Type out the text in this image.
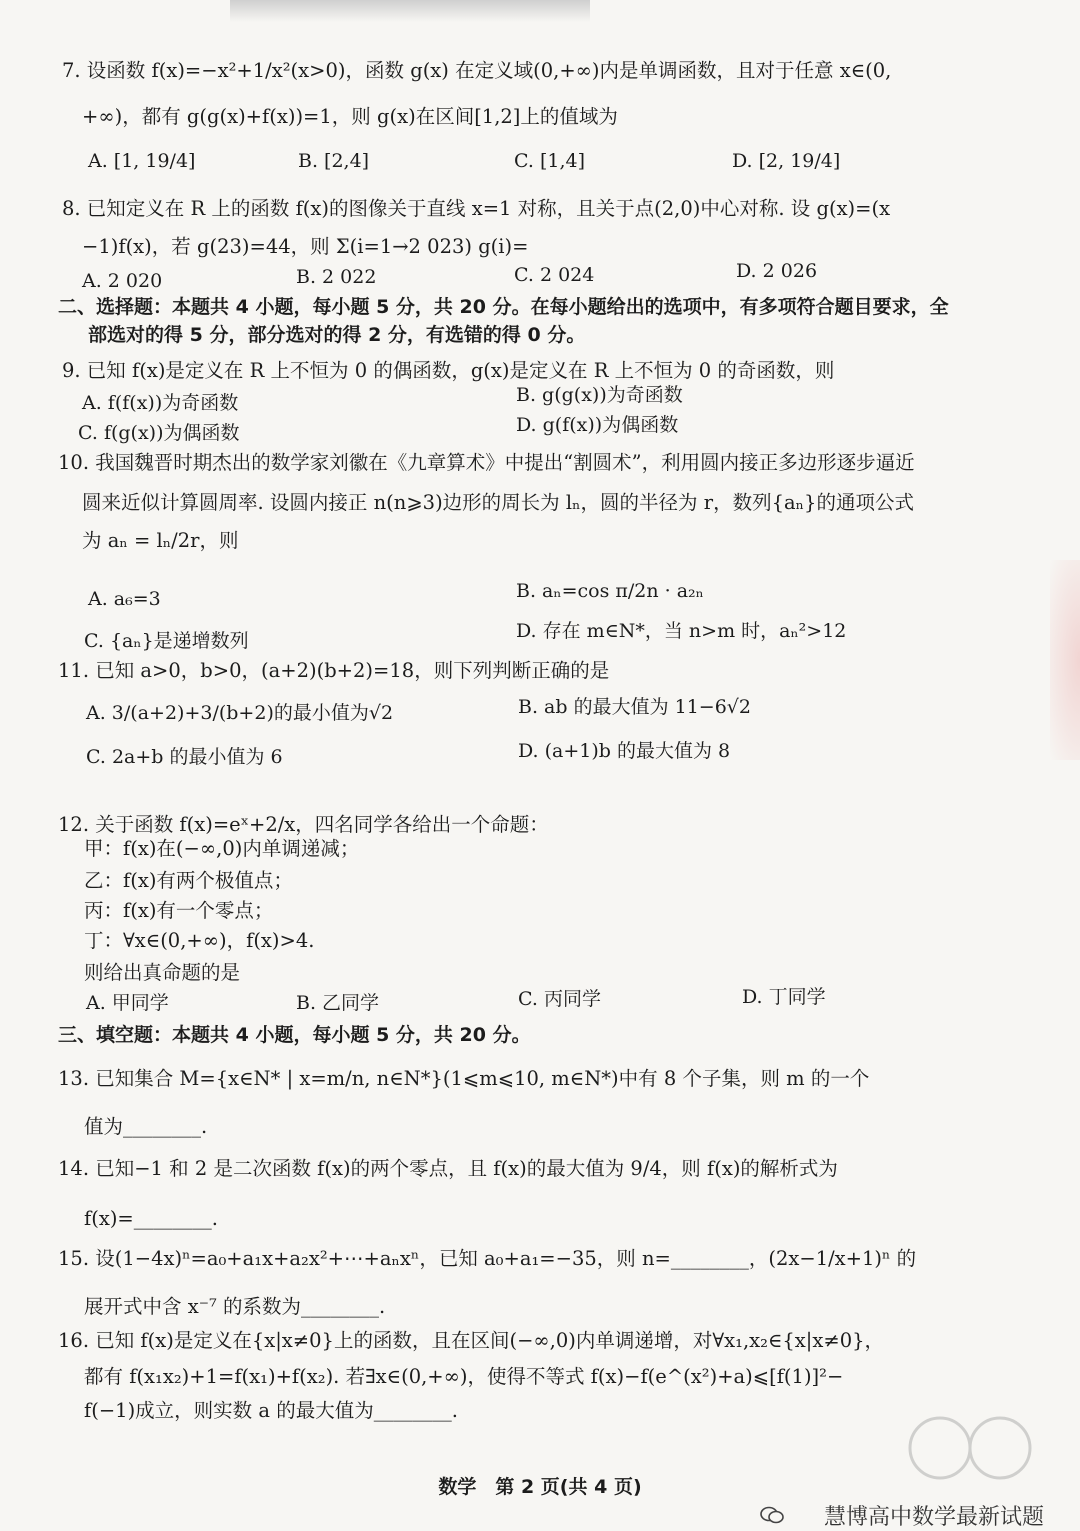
7. 设函数 f(x)=−x²+1/x²(x>0)，函数 g(x) 在定义域(0,+∞)内是单调函数，且对于任意 x∈(0,
+∞)，都有 g(g(x)+f(x))=1，则 g(x)在区间[1,2]上的值域为
A. [1, 19/4]	B. [2,4]	C. [1,4]	D. [2, 19/4]
8. 已知定义在 R 上的函数 f(x)的图像关于直线 x=1 对称，且关于点(2,0)中心对称. 设 g(x)=(x
−1)f(x)，若 g(23)=44，则 Σ(i=1→2 023) g(i)=
A. 2 020	B. 2 022	C. 2 024	D. 2 026
二、选择题：本题共 4 小题，每小题 5 分，共 20 分。在每小题给出的选项中，有多项符合题目要求，全
部选对的得 5 分，部分选对的得 2 分，有选错的得 0 分。
9. 已知 f(x)是定义在 R 上不恒为 0 的偶函数，g(x)是定义在 R 上不恒为 0 的奇函数，则
A. f(f(x))为奇函数	B. g(g(x))为奇函数
C. f(g(x))为偶函数	D. g(f(x))为偶函数
10. 我国魏晋时期杰出的数学家刘徽在《九章算术》中提出“割圆术”，利用圆内接正多边形逐步逼近
圆来近似计算圆周率. 设圆内接正 n(n⩾3)边形的周长为 lₙ，圆的半径为 r，数列{aₙ}的通项公式
为 aₙ = lₙ/2r，则
A. a₆=3	B. aₙ=cos π/2n · a₂ₙ
C. {aₙ}是递增数列	D. 存在 m∈N*，当 n>m 时，aₙ²>12
11. 已知 a>0，b>0，(a+2)(b+2)=18，则下列判断正确的是
A. 3/(a+2)+3/(b+2)的最小值为√2	B. ab 的最大值为 11−6√2
C. 2a+b 的最小值为 6	D. (a+1)b 的最大值为 8
12. 关于函数 f(x)=eˣ+2/x，四名同学各给出一个命题：
甲：f(x)在(−∞,0)内单调递减；
乙：f(x)有两个极值点；
丙：f(x)有一个零点；
丁：∀x∈(0,+∞)，f(x)>4.
则给出真命题的是
A. 甲同学	B. 乙同学	C. 丙同学	D. 丁同学
三、填空题：本题共 4 小题，每小题 5 分，共 20 分。
13. 已知集合 M={x∈N* | x=m/n, n∈N*}(1⩽m⩽10, m∈N*)中有 8 个子集，则 m 的一个
值为________.
14. 已知−1 和 2 是二次函数 f(x)的两个零点，且 f(x)的最大值为 9/4，则 f(x)的解析式为
f(x)=________.
15. 设(1−4x)ⁿ=a₀+a₁x+a₂x²+⋯+aₙxⁿ，已知 a₀+a₁=−35，则 n=________，(2x−1/x+1)ⁿ 的
展开式中含 x⁻⁷ 的系数为________.
16. 已知 f(x)是定义在{x|x≠0}上的函数，且在区间(−∞,0)内单调递增，对∀x₁,x₂∈{x|x≠0}，
都有 f(x₁x₂)+1=f(x₁)+f(x₂). 若∃x∈(0,+∞)，使得不等式 f(x)−f(e^(x²)+a)⩽[f(1)]²−
f(−1)成立，则实数 a 的最大值为________.
数学　第 2 页(共 4 页)
慧博高中数学最新试题
